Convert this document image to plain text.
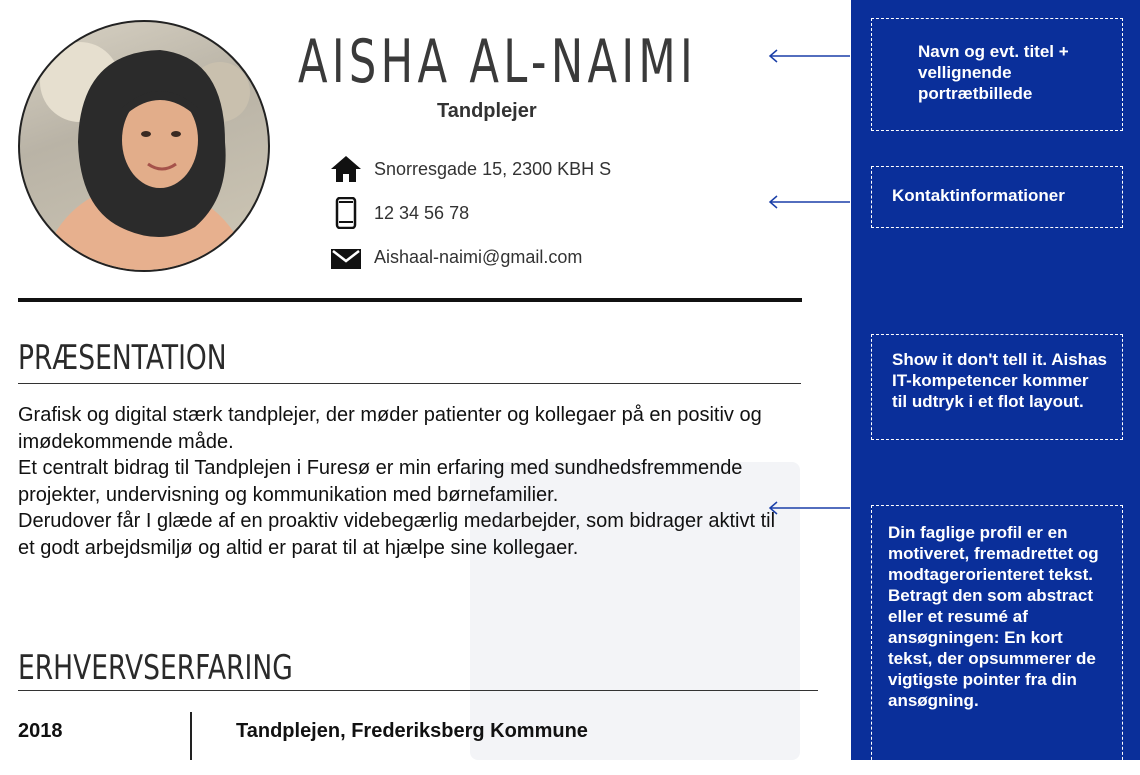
AISHA AL-NAIMI
Tandplejer
Snorresgade 15, 2300 KBH S
12 34 56 78
Aishaal-naimi@gmail.com
PRÆSENTATION

Grafisk og digital stærk tandplejer, der møder patienter og kollegaer på en positiv og imødekommende måde.

Et centralt bidrag til Tandplejen i Furesø er min erfaring med sundhedsfremmende projekter, undervisning og kommunikation med børnefamilier.

Derudover får I glæde af en proaktiv videbegærlig medarbejder, som bidrager aktivt til et godt arbejdsmiljø og altid er parat til at hjælpe sine kollegaer.

ERHVERVSERFARING
2018	Tandplejen, Frederiksberg Kommune
Navn og evt. titel + vellignende portrætbillede
Kontaktinformationer
Show it don't tell it. Aishas IT-kompetencer kommer til udtryk i et flot layout.
Din faglige profil er en motiveret, fremadrettet og modtagerorienteret tekst. Betragt den som abstract eller et resumé af ansøgningen: En kort tekst, der opsummerer de vigtigste pointer fra din ansøgning.
